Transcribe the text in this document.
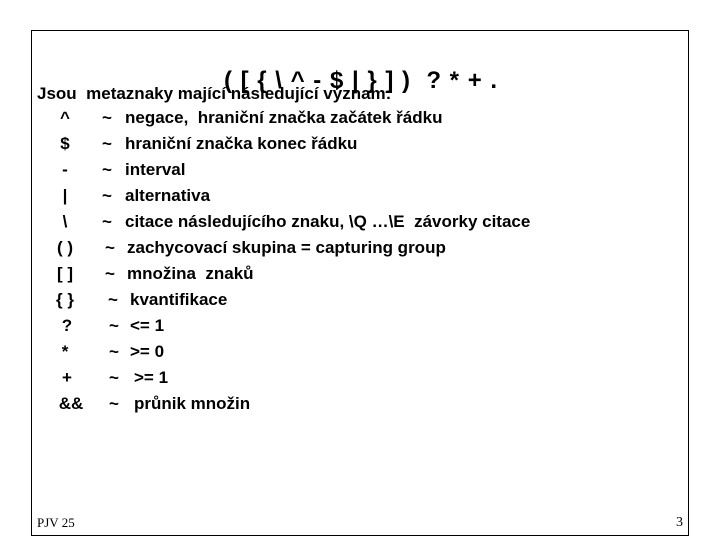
( [ { \ ^ - $ | } ] )  ? * + .
Jsou  metaznaky mající následující význam:
^	~ negace,  hraniční značka začátek řádku
$	~ hraniční značka konec řádku
-	~ interval
|	~ alternativa
\	~ citace následujícího znaku, \Q …\E  závorky citace
( )	~ zachycovací skupina = capturing group
[ ]	~ množina  znaků
{ }	~ kvantifikace
?	~ <= 1
*	~ >= 0
+	~ >= 1
&&	~ průnik množin
PJV 25	3
